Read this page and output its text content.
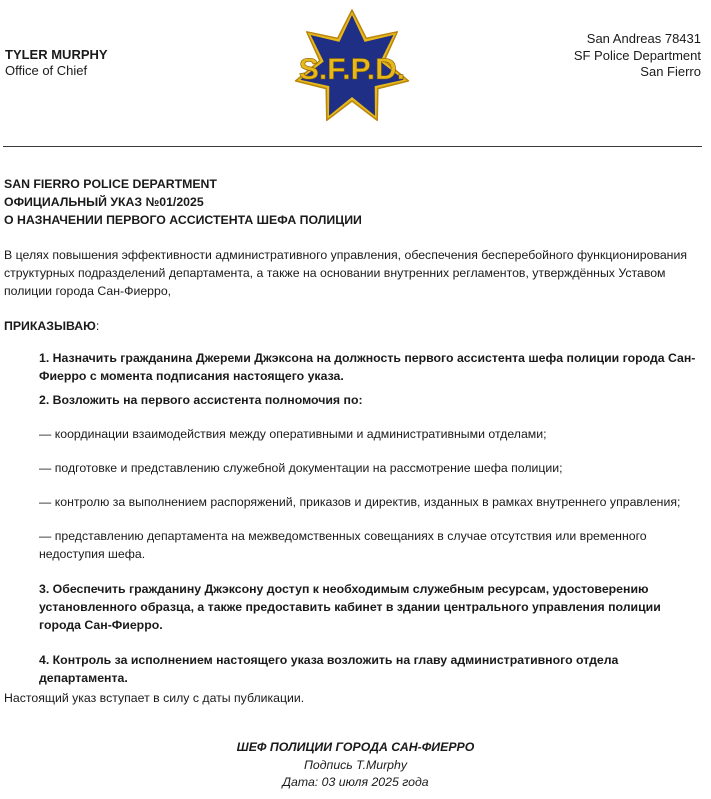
TYLER MURPHY
Office of Chief	S.F.P.D.
San Andreas 78431
SF Police Department
San Fierro
SAN FIERRO POLICE DEPARTMENT
ОФИЦИАЛЬНЫЙ УКАЗ №01/2025
О НАЗНАЧЕНИИ ПЕРВОГО АССИСТЕНТА ШЕФА ПОЛИЦИИ
В целях повышения эффективности административного управления, обеспечения бесперебойного функционирования структурных подразделений департамента, а также на основании внутренних регламентов, утверждённых Уставом полиции города Сан-Фиерро,
ПРИКАЗЫВАЮ:
1. Назначить гражданина Джереми Джэксона на должность первого ассистента шефа полиции города Сан-Фиерро с момента подписания настоящего указа.
2. Возложить на первого ассистента полномочия по:
— координации взаимодействия между оперативными и административными отделами;
— подготовке и представлению служебной документации на рассмотрение шефа полиции;
— контролю за выполнением распоряжений, приказов и директив, изданных в рамках внутреннего управления;
— представлению департамента на межведомственных совещаниях в случае отсутствия или временного недоступия шефа.
3. Обеспечить гражданину Джэксону доступ к необходимым служебным ресурсам, удостоверению установленного образца, а также предоставить кабинет в здании центрального управления полиции города Сан-Фиерро.
4. Контроль за исполнением настоящего указа возложить на главу административного отдела департамента.
Настоящий указ вступает в силу с даты публикации.
ШЕФ ПОЛИЦИИ ГОРОДА САН-ФИЕРРО
Подпись T.Murphy
Дата: 03 июля 2025 года
